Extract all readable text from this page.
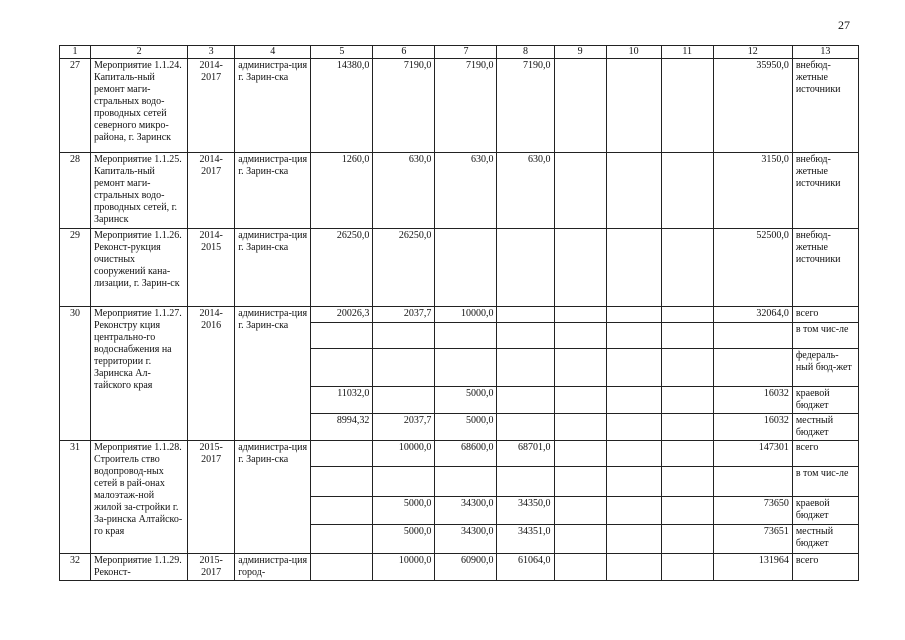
27
1	2	3	4	5	6	7	8	9	10	11	12	13
27	Мероприятие 1.1.24. Капиталь-ный ремонт маги-стральных водо-проводных сетей северного микро-района, г. Заринск	2014-2017	администра-ция г. Зарин-ска	14380,0	7190,0	7190,0	7190,0				35950,0	внебюд-жетные источники
28	Мероприятие 1.1.25. Капиталь-ный ремонт маги-стральных водо-проводных сетей, г. Заринск	2014-2017	администра-ция г. Зарин-ска	1260,0	630,0	630,0	630,0				3150,0	внебюд-жетные источники
29	Мероприятие 1.1.26. Реконст-рукция очистных сооружений кана-лизации, г. Зарин-ск	2014-2015	администра-ция г. Зарин-ска	26250,0	26250,0						52500,0	внебюд-жетные источники
30	Мероприятие 1.1.27. Реконстру кция центрально-го водоснабжения на территории г. Заринска Ал-тайского края	2014-2016	администра-ция г. Зарин-ска	20026,3	2037,7	10000,0					32064,0	всего
												в том чис-ле
												федераль-ный бюд-жет
				11032,0		5000,0					16032	краевой бюджет
				8994,32	2037,7	5000,0					16032	местный бюджет
31	Мероприятие 1.1.28. Строитель ство водопровод-ных сетей в рай-онах малоэтаж-ной жилой за-стройки г. За-ринска Алтайско-го края	2015-2017	администра-ция г. Зарин-ска		10000,0	68600,0	68701,0				147301	всего
												в том чис-ле
					5000,0	34300,0	34350,0				73650	краевой бюджет
					5000,0	34300,0	34351,0				73651	местный бюджет
32	Мероприятие 1.1.29. Реконст-	2015-2017	администра-ция город-		10000,0	60900,0	61064,0				131964	всего
